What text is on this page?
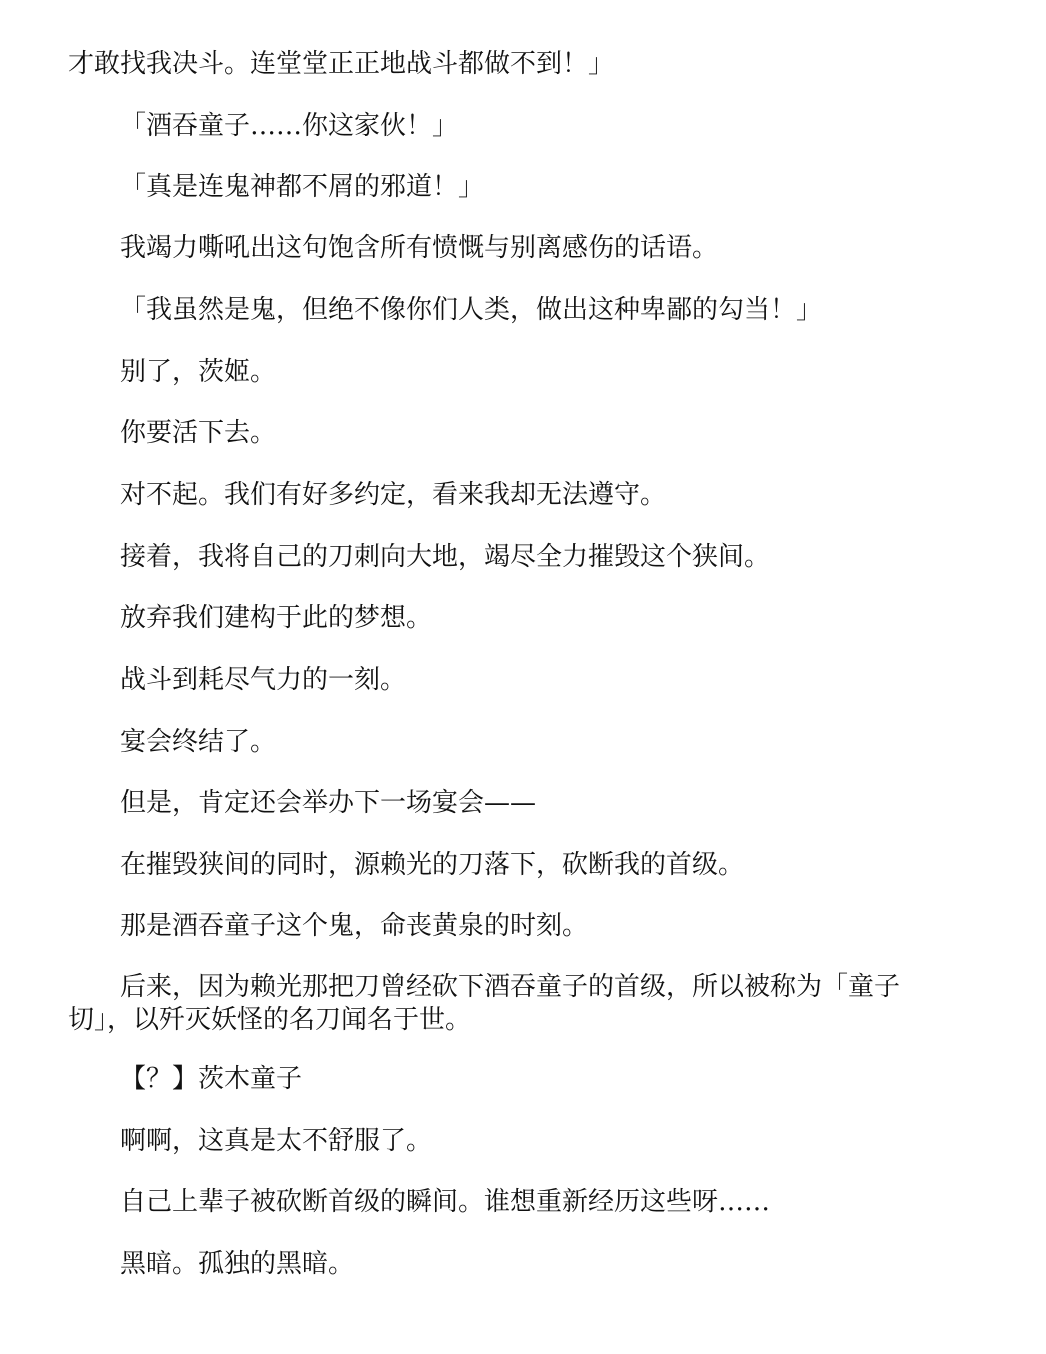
才敢找我决斗。连堂堂正正地战斗都做不到！」

「酒吞童子……你这家伙！」

「真是连鬼神都不屑的邪道！」

我竭力嘶吼出这句饱含所有愤慨与别离感伤的话语。

「我虽然是鬼，但绝不像你们人类，做出这种卑鄙的勾当！」

别了，茨姬。

你要活下去。

对不起。我们有好多约定，看来我却无法遵守。

接着，我将自己的刀刺向大地，竭尽全力摧毁这个狭间。

放弃我们建构于此的梦想。

战斗到耗尽气力的一刻。

宴会终结了。

但是，肯定还会举办下一场宴会——

在摧毁狭间的同时，源赖光的刀落下，砍断我的首级。

那是酒吞童子这个鬼，命丧黄泉的时刻。

后来，因为赖光那把刀曾经砍下酒吞童子的首级，所以被称为「童子切」，以歼灭妖怪的名刀闻名于世。

【？】茨木童子

啊啊，这真是太不舒服了。

自己上辈子被砍断首级的瞬间。谁想重新经历这些呀……

黑暗。孤独的黑暗。
